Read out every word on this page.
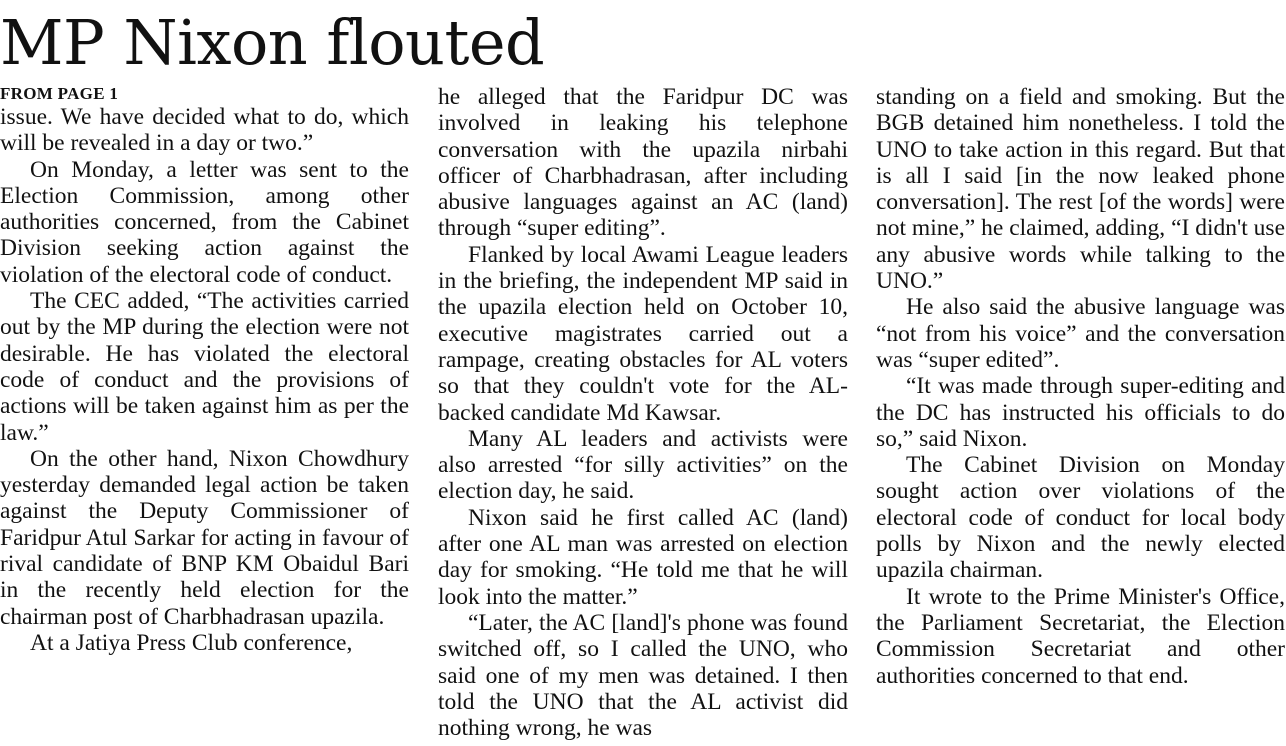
MP Nixon flouted
FROM PAGE 1

issue. We have decided what to do, which will be revealed in a day or two.”

On Monday, a letter was sent to the Election Commission, among other authorities concerned, from the Cabinet Division seeking action against the violation of the electoral code of conduct.

The CEC added, “The activities carried out by the MP during the election were not desirable. He has violated the electoral code of conduct and the provisions of actions will be taken against him as per the law.”

On the other hand, Nixon Chowdhury yesterday demanded legal action be taken against the Deputy Commissioner of Faridpur Atul Sarkar for acting in favour of rival candidate of BNP KM Obaidul Bari in the recently held election for the chairman post of Charbhadrasan upazila.

At a Jatiya Press Club conference,

he alleged that the Faridpur DC was involved in leaking his telephone conversation with the upazila nirbahi officer of Charbhadrasan, after including abusive languages against an AC (land) through “super editing”.

Flanked by local Awami League leaders in the briefing, the independent MP said in the upazila election held on October 10, executive magistrates carried out a rampage, creating obstacles for AL voters so that they couldn't vote for the AL-backed candidate Md Kawsar.

Many AL leaders and activists were also arrested “for silly activities” on the election day, he said.

Nixon said he first called AC (land) after one AL man was arrested on election day for smoking. “He told me that he will look into the matter.”

“Later, the AC [land]'s phone was found switched off, so I called the UNO, who said one of my men was detained. I then told the UNO that the AL activist did nothing wrong, he was

standing on a field and smoking. But the BGB detained him nonetheless. I told the UNO to take action in this regard. But that is all I said [in the now leaked phone conversation]. The rest [of the words] were not mine,” he claimed, adding, “I didn't use any abusive words while talking to the UNO.”

He also said the abusive language was “not from his voice” and the conversation was “super edited”.

“It was made through super-editing and the DC has instructed his officials to do so,” said Nixon.

The Cabinet Division on Monday sought action over violations of the electoral code of conduct for local body polls by Nixon and the newly elected upazila chairman.

It wrote to the Prime Minister's Office, the Parliament Secretariat, the Election Commission Secretariat and other authorities concerned to that end.
